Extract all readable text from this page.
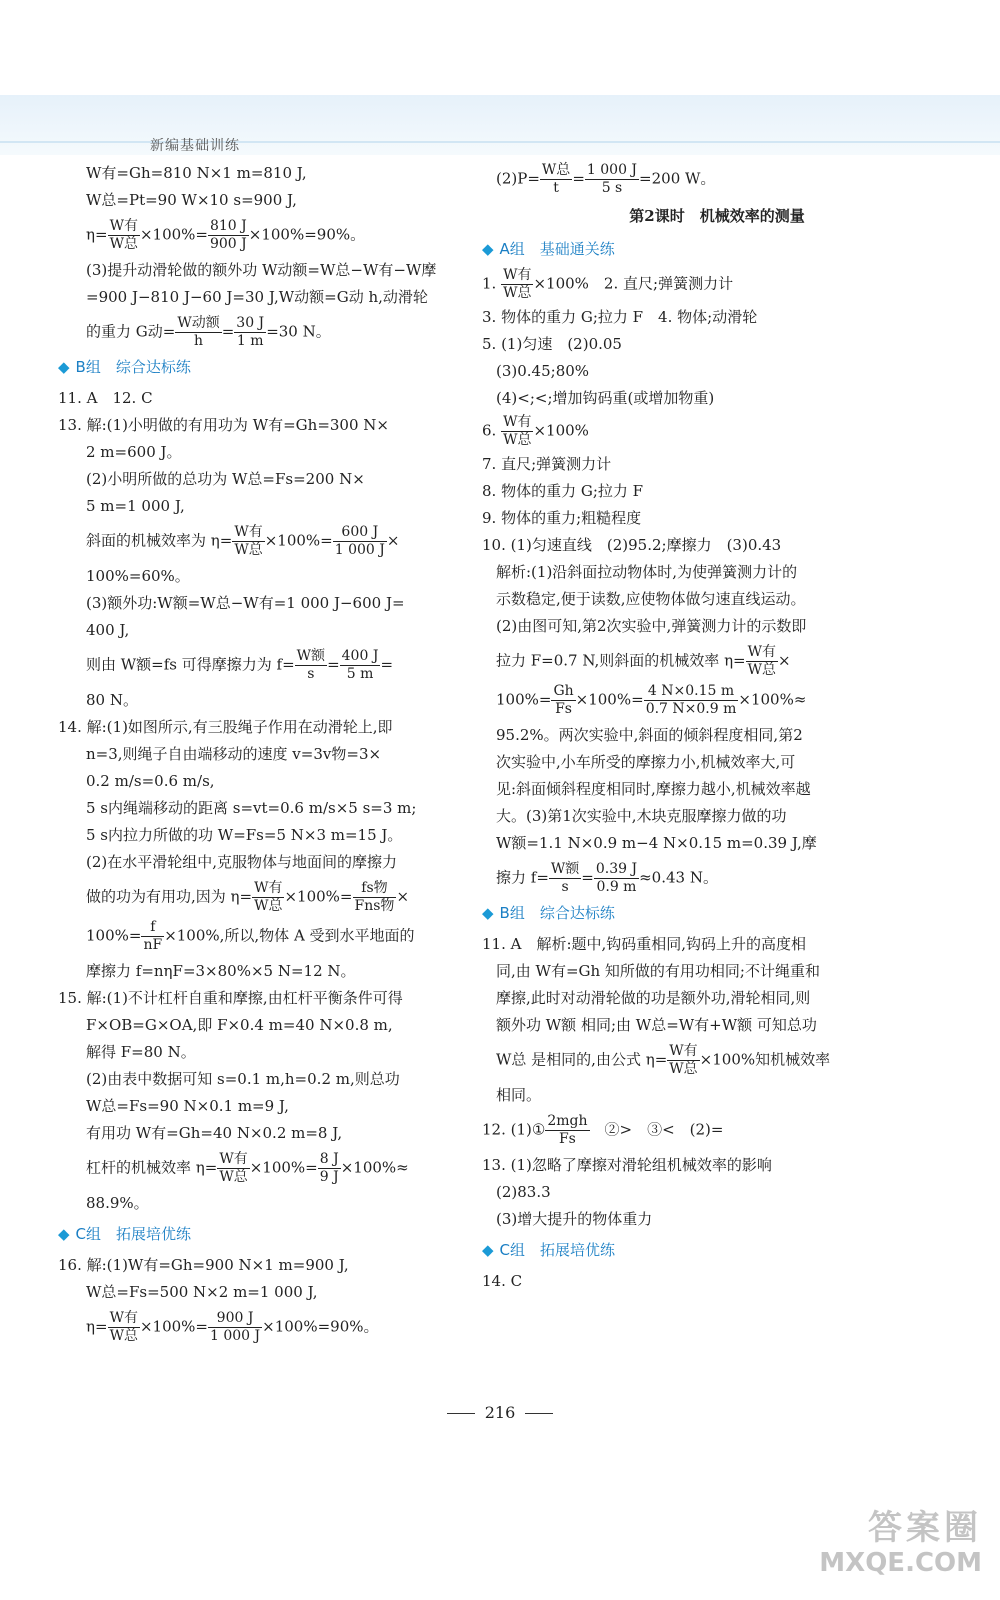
新编基础训练
W有=Gh=810 N×1 m=810 J,
W总=Pt=90 W×10 s=900 J,
η= W有
W总
$\times 100\%= \frac{810 J}{900 J} \times 100\%=90\%$。
(3)提升动滑轮做的额外功 W动额=W总−W有−W摩
=900 J−810 J−60 J=30 J,W动额=G动 h,动滑轮
的重力 G动= W动额
h
= $\frac{30 J}{1 m} =30$ N。
◆ B组　综合达标练
11. A　12. C
13. 解:(1)小明做的有用功为 W有=Gh=300 N×
2 m=600 J。
(2)小明所做的总功为 W总=Fs=200 N×
5 m=1 000 J,
斜面的机械效率为 η= W有
W总
$\times 100\%= \frac{600 J}{1 000 J}$ ×
100%=60%。
(3)额外功:W额=W总−W有=1 000 J−600 J=
400 J,
则由 W额=fs 可得摩擦力为 f= W额
s
= $\frac{400 J}{5 m}$ =
80 N。
14. 解:(1)如图所示,有三股绳子作用在动滑轮上,即
n=3,则绳子自由端移动的速度 v=3v物=3×
0.2 m/s=0.6 m/s,
5 s内绳端移动的距离 s=vt=0.6 m/s×5 s=3 m;
5 s内拉力所做的功 W=Fs=5 N×3 m=15 J。
(2)在水平滑轮组中,克服物体与地面间的摩擦力
做的功为有用功,因为 η= W有
W总
×100%= fs物
Fns物
×
$100\%= \frac{f}{nF} \times 100\%$,所以,物体 A 受到水平地面的
摩擦力 f=nηF=3×80%×5 N=12 N。
15. 解:(1)不计杠杆自重和摩擦,由杠杆平衡条件可得
F×OB=G×OA,即 F×0.4 m=40 N×0.8 m,
解得 F=80 N。
(2)由表中数据可知 s=0.1 m,h=0.2 m,则总功
W总=Fs=90 N×0.1 m=9 J,
有用功 W有=Gh=40 N×0.2 m=8 J,
杠杆的机械效率 η= W有
W总
$\times 100\%= \frac{8 J}{9 J} \times 100\%\approx$
88.9%。
◆ C组　拓展培优练
16. 解:(1)W有=Gh=900 N×1 m=900 J,
W总=Fs=500 N×2 m=1 000 J,
η= W有
W总
$\times 100\%= \frac{900 J}{1 000 J} \times 100\%=90\%$。
(2)P= W总
t
= $\frac{1 000 J}{5 s} =200$ W。
第2课时　机械效率的测量
◆ A组　基础通关练
1. W有
W总
×100%　2. 直尺;弹簧测力计
3. 物体的重力 G;拉力 F　4. 物体;动滑轮
5. (1)匀速　(2)0.05
(3)0.45;80%
(4)<;<;增加钩码重(或增加物重)
6. W有
W总
×100%
7. 直尺;弹簧测力计
8. 物体的重力 G;拉力 F
9. 物体的重力;粗糙程度
10. (1)匀速直线　(2)95.2;摩擦力　(3)0.43
解析:(1)沿斜面拉动物体时,为使弹簧测力计的
示数稳定,便于读数,应使物体做匀速直线运动。
(2)由图可知,第2次实验中,弹簧测力计的示数即
拉力 F=0.7 N,则斜面的机械效率 η= W有
W总
×
$100\%= \frac{Gh}{Fs} \times 100\%= \frac{4 N\times 0.15 m}{0.7 N\times 0.9 m} \times 100\%\approx$
95.2%。两次实验中,斜面的倾斜程度相同,第2
次实验中,小车所受的摩擦力小,机械效率大,可
见:斜面倾斜程度相同时,摩擦力越小,机械效率越
大。(3)第1次实验中,木块克服摩擦力做的功
W额=1.1 N×0.9 m−4 N×0.15 m=0.39 J,摩
擦力 f= W额
s
= $\frac{0.39 J}{0.9 m} \approx 0.43$ N。
◆ B组　综合达标练
11. A　解析:题中,钩码重相同,钩码上升的高度相
同,由 W有=Gh 知所做的有用功相同;不计绳重和
摩擦,此时对动滑轮做的功是额外功,滑轮相同,则
额外功 W额 相同;由 W总=W有+W额 可知总功
W总 是相同的,由公式 η= W有
W总
×100%知机械效率
相同。
12. (1)① 2mgh
Fs
　②>　③<　(2)=
13. (1)忽略了摩擦对滑轮组机械效率的影响
(2)83.3
(3)增大提升的物体重力
◆ C组　拓展培优练
14. C
216
答案圈
MXQE.COM
